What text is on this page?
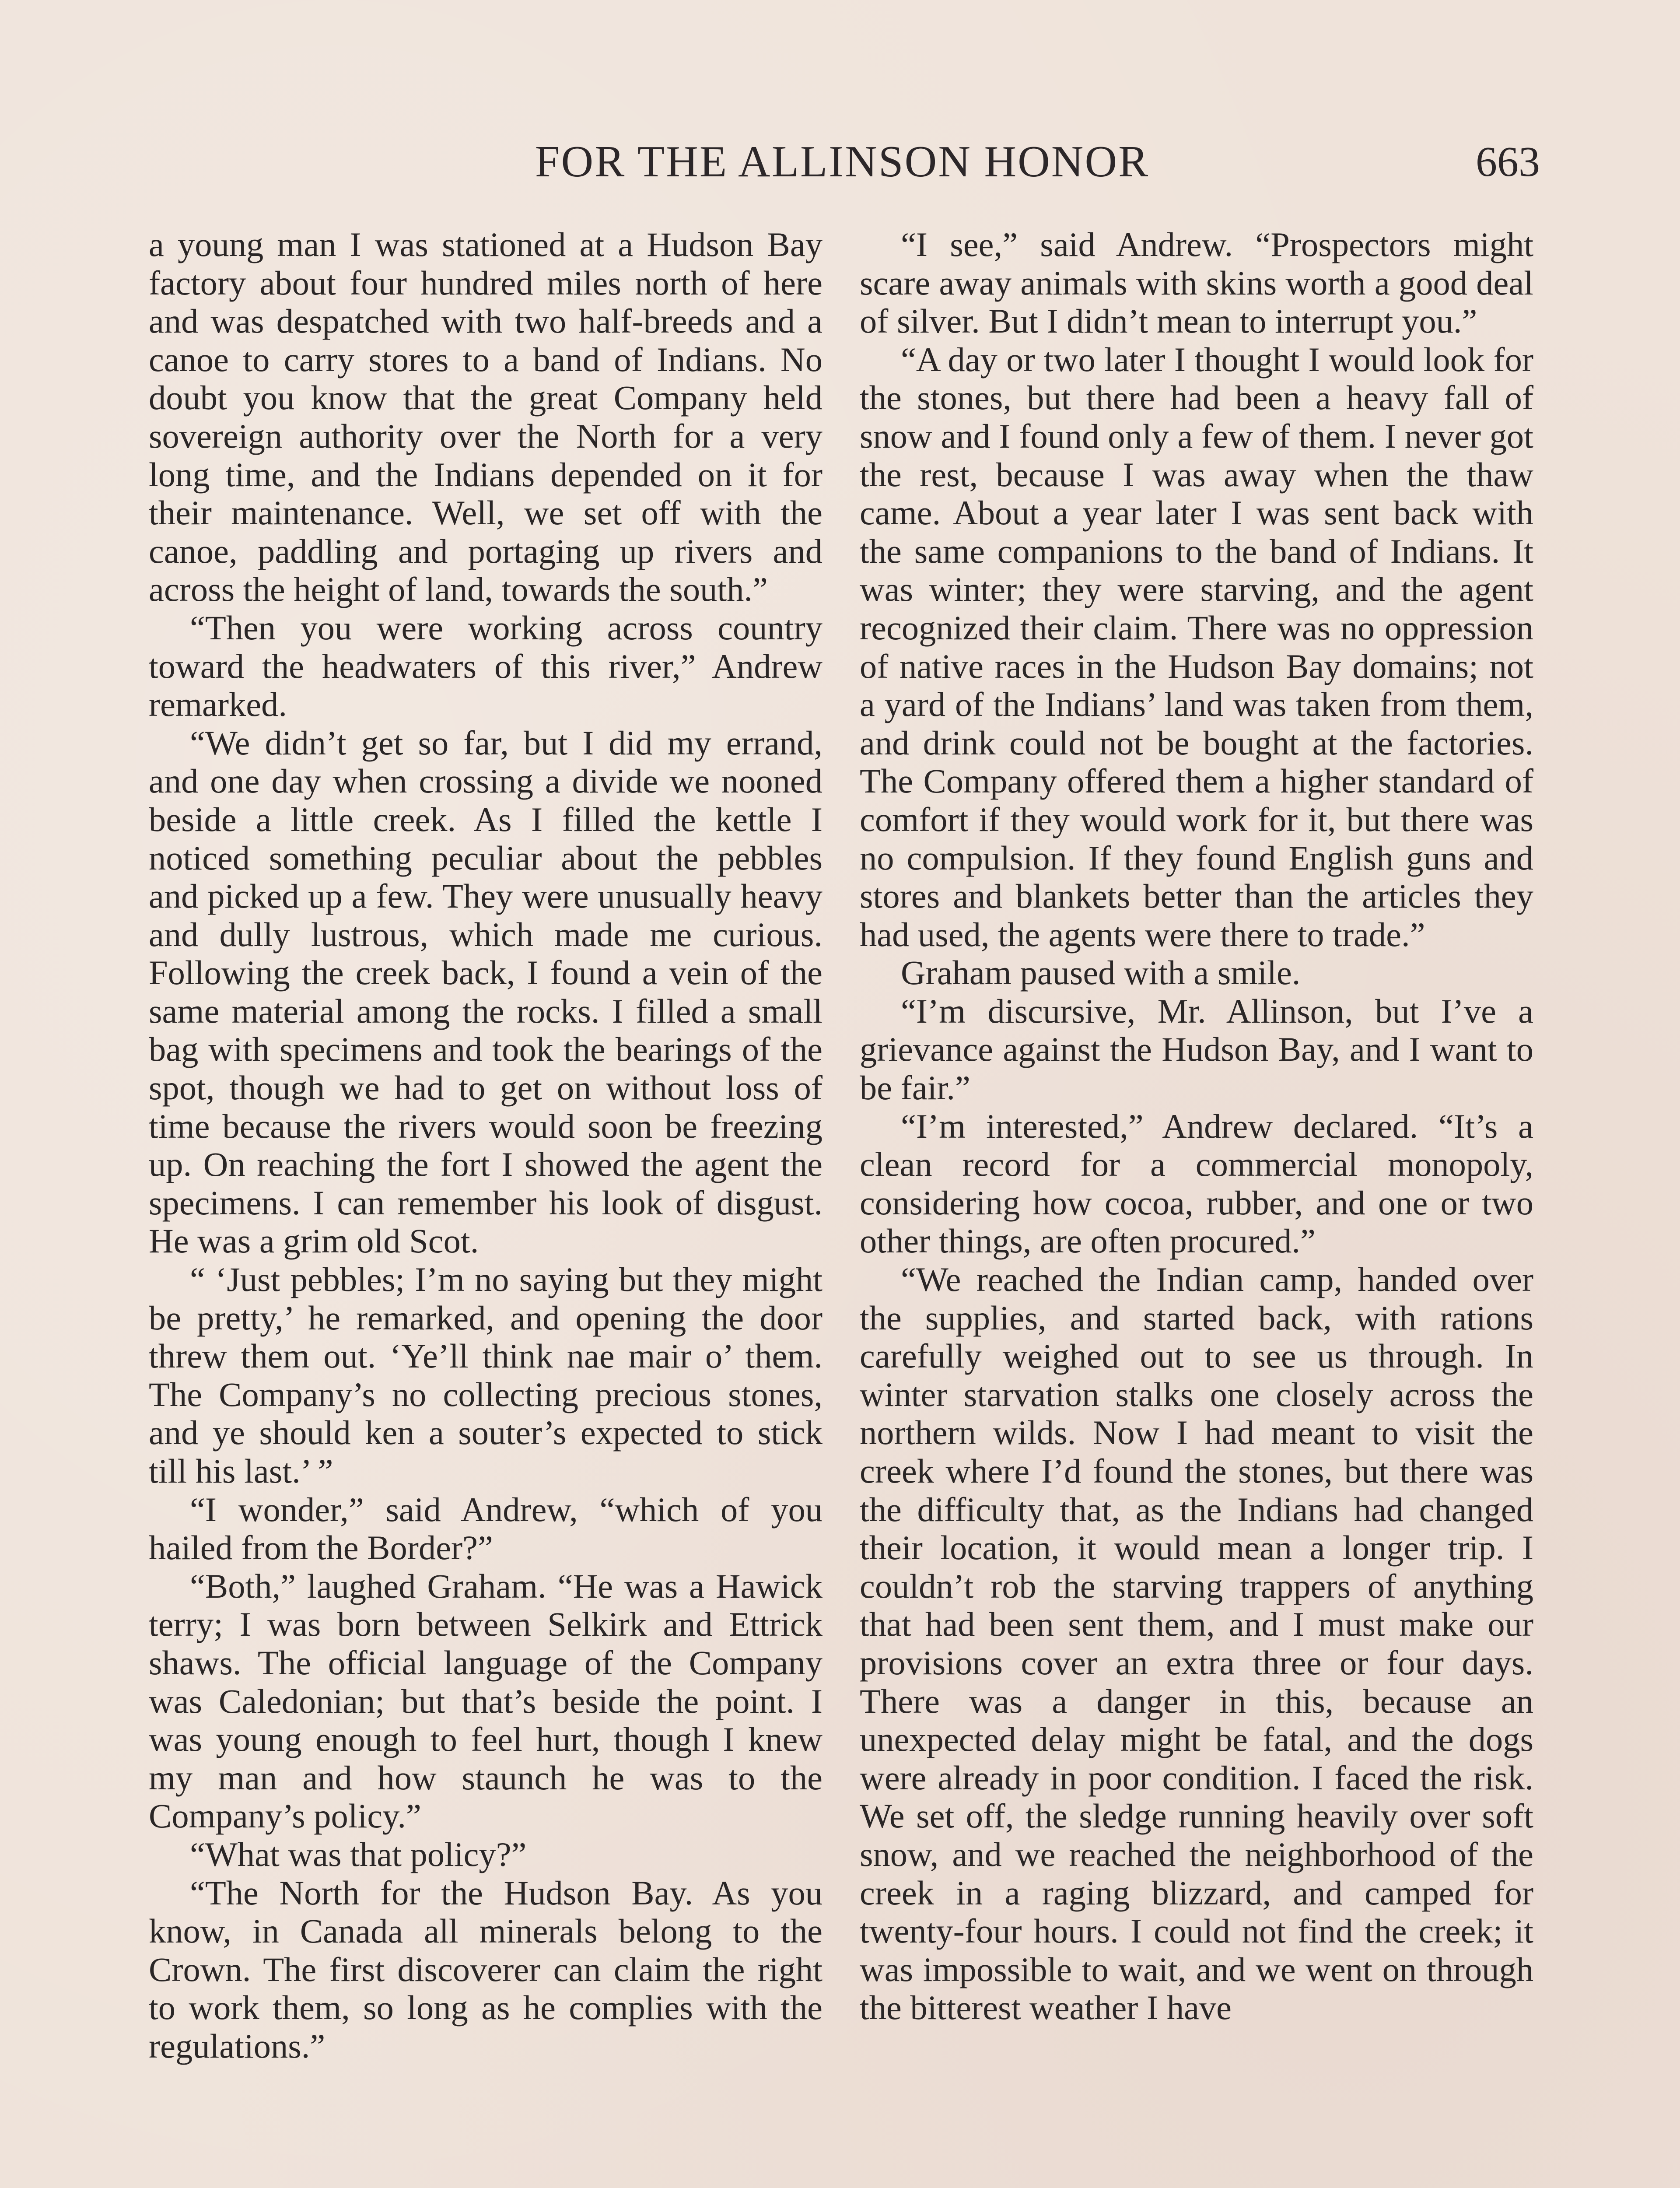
FOR THE ALLINSON HONOR	663

a young man I was stationed at a Hudson Bay factory about four hundred miles north of here and was despatched with two half-breeds and a canoe to carry stores to a band of Indians. No doubt you know that the great Company held sovereign authority over the North for a very long time, and the Indians depended on it for their maintenance. Well, we set off with the canoe, paddling and portaging up rivers and across the height of land, towards the south.”

“Then you were working across country toward the headwaters of this river,” Andrew remarked.

“We didn’t get so far, but I did my errand, and one day when crossing a divide we nooned beside a little creek. As I filled the kettle I noticed something peculiar about the pebbles and picked up a few. They were unusually heavy and dully lustrous, which made me curious. Following the creek back, I found a vein of the same material among the rocks. I filled a small bag with specimens and took the bearings of the spot, though we had to get on without loss of time because the rivers would soon be freezing up. On reaching the fort I showed the agent the specimens. I can remember his look of disgust. He was a grim old Scot.

“ ‘Just pebbles; I’m no saying but they might be pretty,’ he remarked, and opening the door threw them out. ‘Ye’ll think nae mair o’ them. The Company’s no collecting precious stones, and ye should ken a souter’s expected to stick till his last.’ ”

“I wonder,” said Andrew, “which of you hailed from the Border?”

“Both,” laughed Graham. “He was a Hawick terry; I was born between Selkirk and Ettrick shaws. The official language of the Company was Caledonian; but that’s beside the point. I was young enough to feel hurt, though I knew my man and how staunch he was to the Company’s policy.”

“What was that policy?”

“The North for the Hudson Bay. As you know, in Canada all minerals belong to the Crown. The first discoverer can claim the right to work them, so long as he complies with the regulations.”

“I see,” said Andrew. “Prospectors might scare away animals with skins worth a good deal of silver. But I didn’t mean to interrupt you.”

“A day or two later I thought I would look for the stones, but there had been a heavy fall of snow and I found only a few of them. I never got the rest, because I was away when the thaw came. About a year later I was sent back with the same companions to the band of Indians. It was winter; they were starving, and the agent recognized their claim. There was no oppression of native races in the Hudson Bay domains; not a yard of the Indians’ land was taken from them, and drink could not be bought at the factories. The Company offered them a higher standard of comfort if they would work for it, but there was no compulsion. If they found English guns and stores and blankets better than the articles they had used, the agents were there to trade.”

Graham paused with a smile.

“I’m discursive, Mr. Allinson, but I’ve a grievance against the Hudson Bay, and I want to be fair.”

“I’m interested,” Andrew declared. “It’s a clean record for a commercial monopoly, considering how cocoa, rubber, and one or two other things, are often procured.”

“We reached the Indian camp, handed over the supplies, and started back, with rations carefully weighed out to see us through. In winter starvation stalks one closely across the northern wilds. Now I had meant to visit the creek where I’d found the stones, but there was the difficulty that, as the Indians had changed their location, it would mean a longer trip. I couldn’t rob the starving trappers of anything that had been sent them, and I must make our provisions cover an extra three or four days. There was a danger in this, because an unexpected delay might be fatal, and the dogs were already in poor condition. I faced the risk. We set off, the sledge running heavily over soft snow, and we reached the neighborhood of the creek in a raging blizzard, and camped for twenty-four hours. I could not find the creek; it was impossible to wait, and we went on through the bitterest weather I have
